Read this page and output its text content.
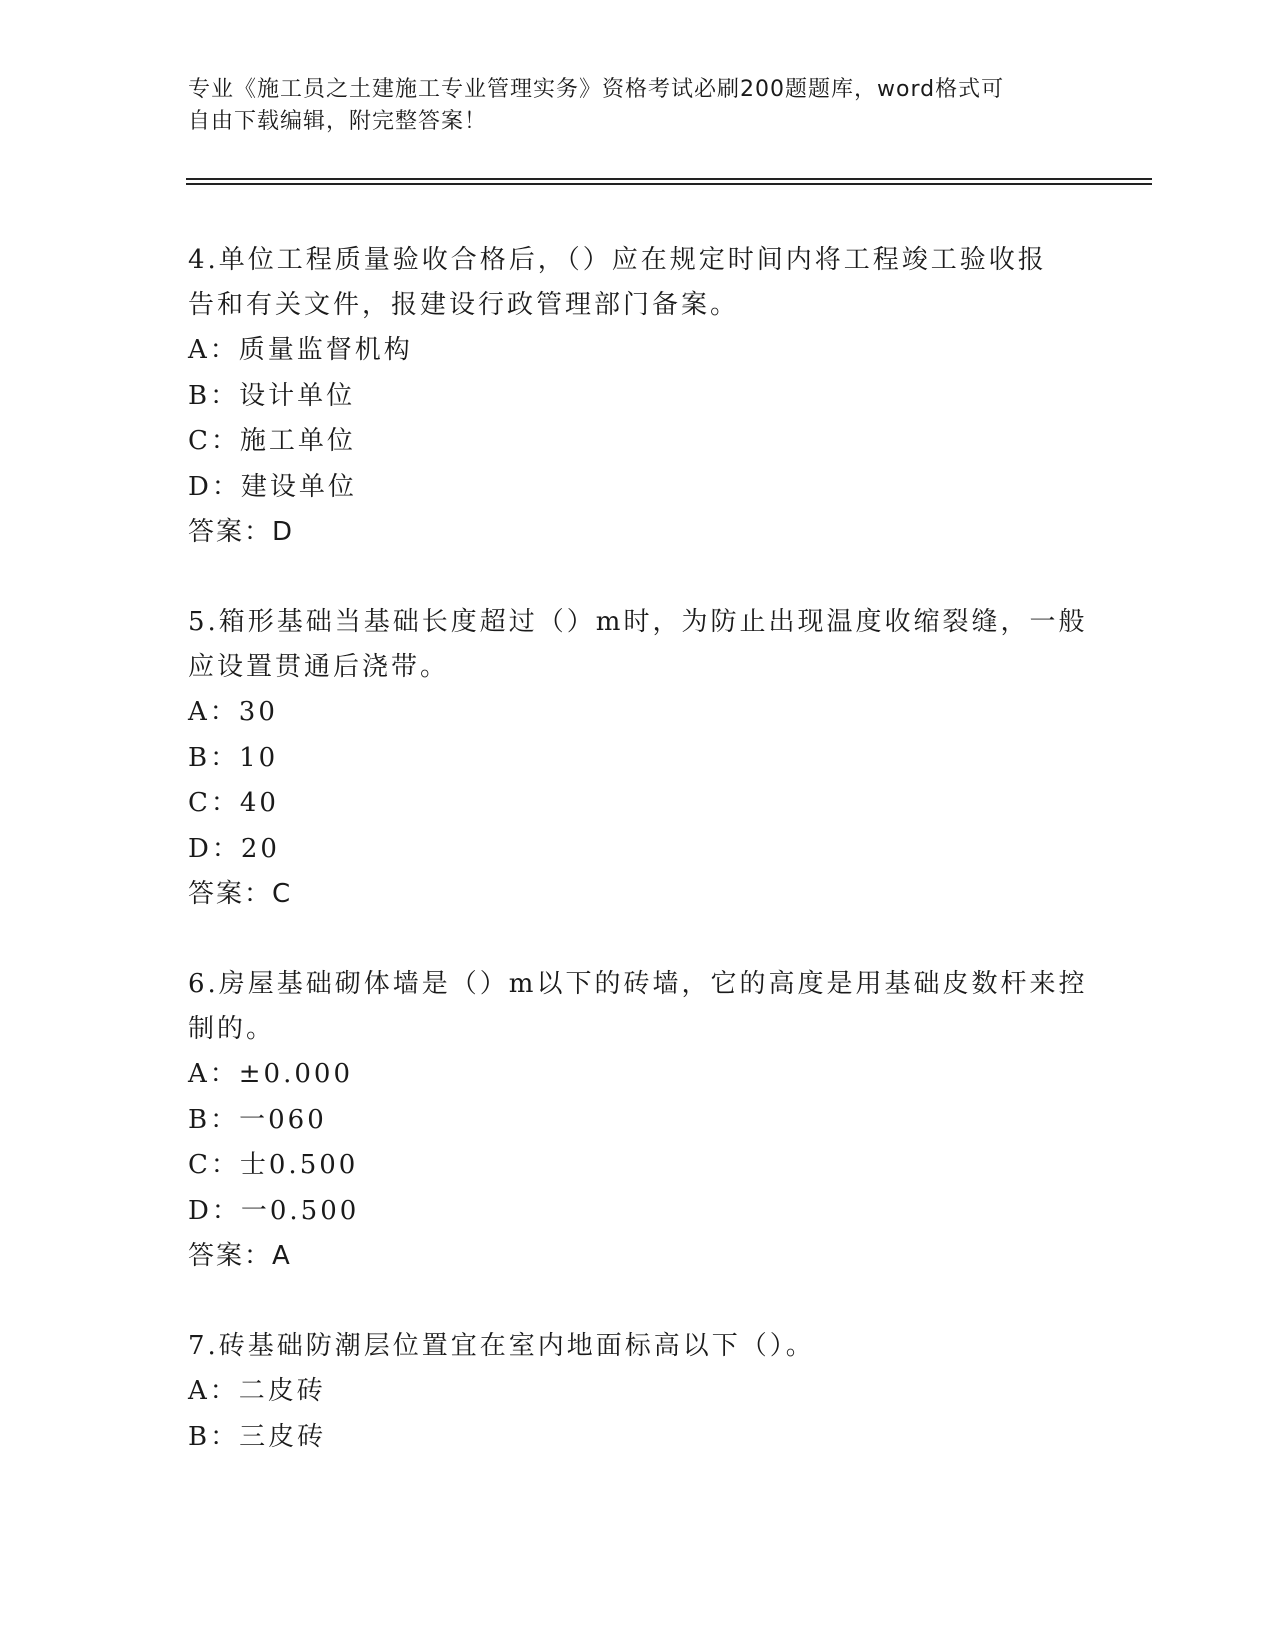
专业《施工员之土建施工专业管理实务》资格考试必刷200题题库，word格式可
自由下载编辑，附完整答案！
4.单位工程质量验收合格后，（）应在规定时间内将工程竣工验收报
告和有关文件，报建设行政管理部门备案。
A：质量监督机构
B：设计单位
C：施工单位
D：建设单位
答案：D
5.箱形基础当基础长度超过（）m时，为防止出现温度收缩裂缝，一般
应设置贯通后浇带。
A：30
B：10
C：40
D：20
答案：C
6.房屋基础砌体墙是（）m以下的砖墙，它的高度是用基础皮数杆来控
制的。
A：±0.000
B：一060
C：士0.500
D：一0.500
答案：A
7.砖基础防潮层位置宜在室内地面标高以下（）。
A：二皮砖
B：三皮砖
